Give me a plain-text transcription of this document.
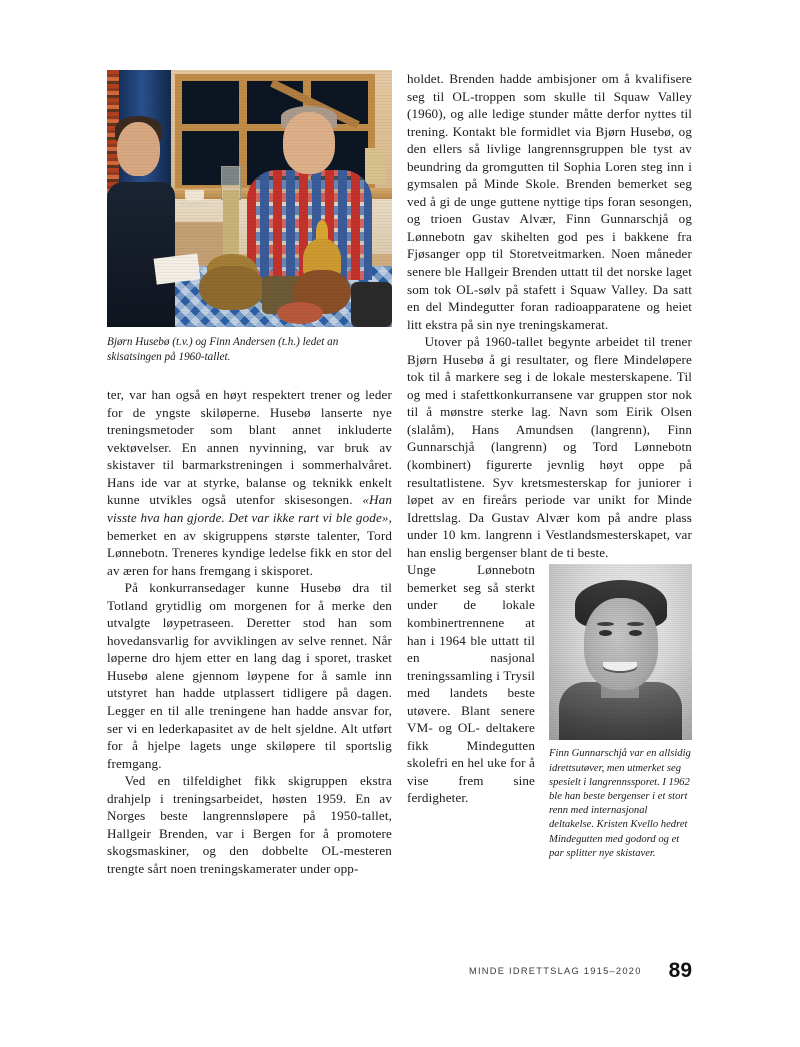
Bjørn Husebø (t.v.) og Finn Andersen (t.h.) ledet an skisatsingen på 1960-tallet.

ter, var han også en høyt respektert trener og leder for de yngste skiløperne. Husebø lanserte nye treningsmetoder som blant annet inkluderte vektøvelser. En annen nyvinning, var bruk av skistaver til barmarkstreningen i sommerhalvåret. Hans ide var at styrke, balanse og teknikk enkelt kunne utvikles også utenfor skisesongen. «Han visste hva han gjorde. Det var ikke rart vi ble gode», bemerket en av skigruppens største talenter, Tord Lønnebotn. Treneres kyndige ledelse fikk en stor del av æren for hans fremgang i skisporet.

På konkurransedager kunne Husebø dra til Totland grytidlig om morgenen for å merke den utvalgte løypetraseen. Deretter stod han som hovedansvarlig for avviklingen av selve rennet. Når løperne dro hjem etter en lang dag i sporet, trasket Husebø alene gjennom løypene for å samle inn utstyret han hadde utplassert tidligere på dagen. Legger en til alle treningene han hadde ansvar for, ser vi en lederkapasitet av de helt sjeldne. Alt utført for å hjelpe lagets unge skiløpere til sportslig fremgang.

Ved en tilfeldighet fikk skigruppen ekstra drahjelp i treningsarbeidet, høsten 1959. En av Norges beste langrennsløpere på 1950-tallet, Hallgeir Brenden, var i Bergen for å promotere skogsmaskiner, og den dobbelte OL-mesteren trengte sårt noen treningskamerater under opp-

holdet. Brenden hadde ambisjoner om å kvalifisere seg til OL-troppen som skulle til Squaw Valley (1960), og alle ledige stunder måtte derfor nyttes til trening. Kontakt ble formidlet via Bjørn Husebø, og den ellers så livlige langrennsgruppen ble tyst av beundring da gromgutten til Sophia Loren steg inn i gymsalen på Minde Skole. Brenden bemerket seg ved å gi de unge guttene nyttige tips foran sesongen, og trioen Gustav Alvær, Finn Gunnarschjå og Lønnebotn gav skihelten god pes i bakkene fra Fjøsanger opp til Storetveitmarken. Noen måneder senere ble Hallgeir Brenden uttatt til det norske laget som tok OL-sølv på stafett i Squaw Valley. Da satt en del Mindegutter foran radioapparatene og heiet litt ekstra på sin nye treningskamerat.

Utover på 1960-tallet begynte arbeidet til trener Bjørn Husebø å gi resultater, og flere Mindeløpere tok til å markere seg i de lokale mesterskapene. Til og med i stafettkonkurransene var gruppen stor nok til å mønstre sterke lag. Navn som Eirik Olsen (slalåm), Hans Amundsen (langrenn), Finn Gunnarschjå (langrenn) og Tord Lønnebotn (kombinert) figurerte jevnlig høyt oppe på resultatlistene. Syv kretsmesterskap for juniorer i løpet av en fireårs periode var unikt for Minde Idrettslag. Da Gustav Alvær kom på andre plass under 10 km. langrenn i Vestlandsmesterskapet, var han enslig bergenser blant de ti beste.

Finn Gunnarschjå var en allsidig idrettsutøver, men utmerket seg spesielt i langrennssporet. I 1962 ble han beste bergenser i et stort renn med internasjonal deltakelse. Kristen Kvello hedret Mindegutten med godord og et par splitter nye skistaver.

Unge Lønnebotn bemerket seg så sterkt under de lokale kombinertrennene at han i 1964 ble uttatt til en nasjonal treningssamling i Trysil med landets beste utøvere. Blant senere VM- og OL- deltakere fikk Mindegutten skolefri en hel uke for å vise frem sine ferdigheter.

MINDE IDRETTSLAG 1915–2020 89
